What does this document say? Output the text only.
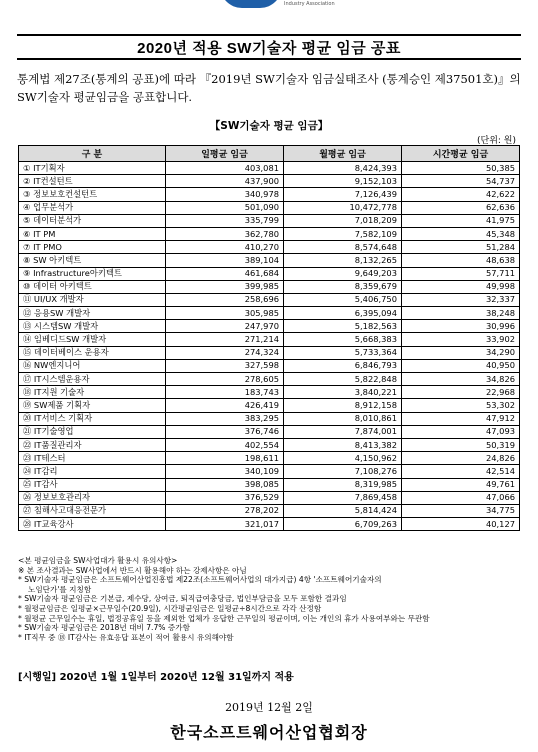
Industry Association
2020년 적용 SW기술자 평균 임금 공표
통계법 제27조(통계의 공표)에 따라 『2019년 SW기술자 임금실태조사 (통계승인 제37501호)』의 SW기술자 평균임금을 공표합니다.
【SW기술자 평균 임금】
(단위: 원)
구 분	일평균 임금	월평균 임금	시간평균 임금
① IT기획자	403,081	8,424,393	50,385
② IT컨설턴트	437,900	9,152,103	54,737
③ 정보보호컨설턴트	340,978	7,126,439	42,622
④ 업무분석가	501,090	10,472,778	62,636
⑤ 데이터분석가	335,799	7,018,209	41,975
⑥ IT PM	362,780	7,582,109	45,348
⑦ IT PMO	410,270	8,574,648	51,284
⑧ SW 아키텍트	389,104	8,132,265	48,638
⑨ Infrastructure아키텍트	461,684	9,649,203	57,711
⑩ 데이터 아키텍트	399,985	8,359,679	49,998
⑪ UI/UX 개발자	258,696	5,406,750	32,337
⑫ 응용SW 개발자	305,985	6,395,094	38,248
⑬ 시스템SW 개발자	247,970	5,182,563	30,996
⑭ 임베디드SW 개발자	271,214	5,668,383	33,902
⑮ 데이터베이스 운용자	274,324	5,733,364	34,290
⑯ NW엔지니어	327,598	6,846,793	40,950
⑰ IT시스템운용자	278,605	5,822,848	34,826
⑱ IT지원 기술자	183,743	3,840,221	22,968
⑲ SW제품 기획자	426,419	8,912,158	53,302
⑳ IT서비스 기획자	383,295	8,010,861	47,912
㉑ IT기술영업	376,746	7,874,001	47,093
㉒ IT품질관리자	402,554	8,413,382	50,319
㉓ IT테스터	198,611	4,150,962	24,826
㉔ IT감리	340,109	7,108,276	42,514
㉕ IT감사	398,085	8,319,985	49,761
㉖ 정보보호관리자	376,529	7,869,458	47,066
㉗ 침해사고대응전문가	278,202	5,814,424	34,775
㉘ IT교육강사	321,017	6,709,263	40,127
<본 평균임금을 SW사업대가 활용시 유의사항>
※ 본 조사결과는 SW사업에서 반드시 활용해야 하는 강제사항은 아님
* SW기술자 평균임금은 소프트웨어산업진흥법 제22조(소프트웨어사업의 대가지급) 4항 '소프트웨어기술자의
노임단가'를 지칭함
* SW기술자 평균임금은 기본급, 제수당, 상여금, 퇴직급여충당금, 법인부담금을 모두 포함한 결과임
* 월평균임금은 일평균×근무일수(20.9일), 시간평균임금은 일평균÷8시간으로 각각 산정함
* 월평균 근무일수는 휴일, 법정공휴일 등을 제외한 업체가 응답한 근무일의 평균이며, 이는 개인의 휴가 사용여부와는 무관함
* SW기술자 평균임금은 2018년 대비 7.7% 증가함
* IT직무 중 ⑱ IT감사는 유효응답 표본이 적어 활용시 유의해야함
[시행일] 2020년 1월 1일부터 2020년 12월 31일까지 적용
2019년 12월 2일
한국소프트웨어산업협회장
